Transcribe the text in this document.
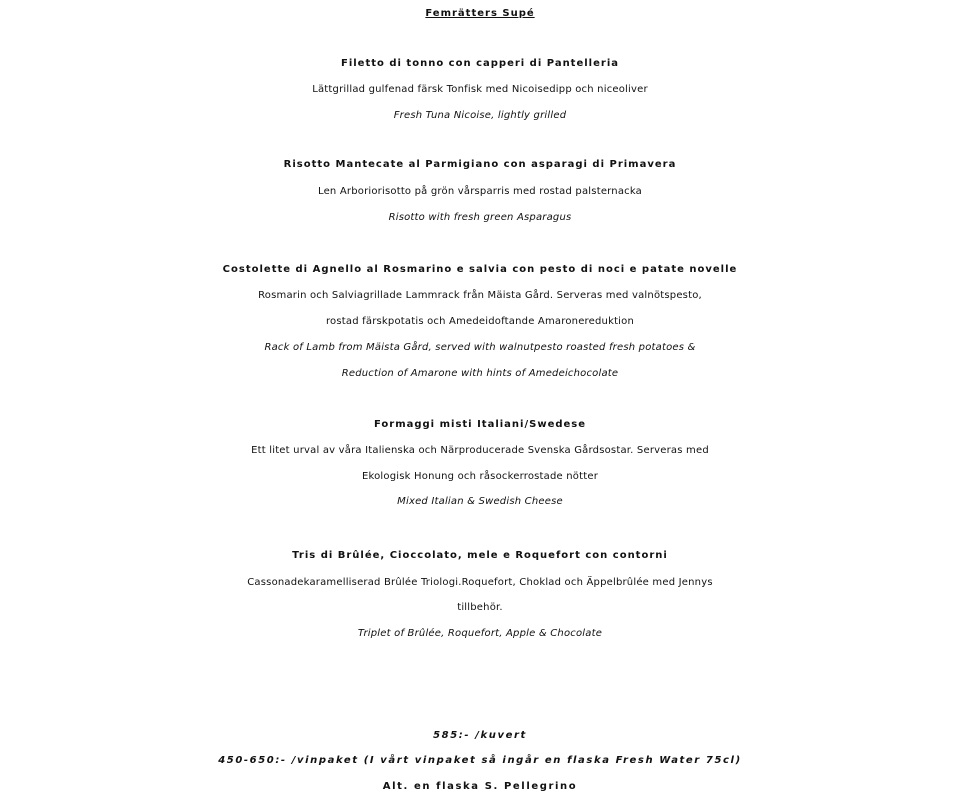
Femrätters Supé
Filetto di tonno con capperi di Pantelleria
Lättgrillad gulfenad färsk Tonfisk med Nicoisedipp och niceoliver
Fresh Tuna Nicoise, lightly grilled
Risotto Mantecate al Parmigiano con asparagi di Primavera
Len Arboriorisotto på grön vårsparris med rostad palsternacka
Risotto with fresh green Asparagus
Costolette di Agnello al Rosmarino e salvia con pesto di noci e patate novelle
Rosmarin och Salviagrillade Lammrack från Mäista Gård. Serveras med valnötspesto,
rostad färskpotatis och Amedeidoftande Amaronereduktion
Rack of Lamb from Mäista Gård, served with walnutpesto roasted fresh potatoes &
Reduction of Amarone with hints of Amedeichocolate
Formaggi misti Italiani/Swedese
Ett litet urval av våra Italienska och Närproducerade Svenska Gårdsostar. Serveras med
Ekologisk Honung och råsockerrostade nötter
Mixed Italian & Swedish Cheese
Tris di Brûlée, Cioccolato, mele e Roquefort con contorni
Cassonadekaramelliserad Brûlée Triologi.Roquefort, Choklad och Äppelbrûlée med Jennys
tillbehör.
Triplet of Brûlée, Roquefort, Apple & Chocolate
585:- /kuvert
450-650:- /vinpaket (I vårt vinpaket så ingår en flaska Fresh Water 75cl)
Alt. en flaska S. Pellegrino
